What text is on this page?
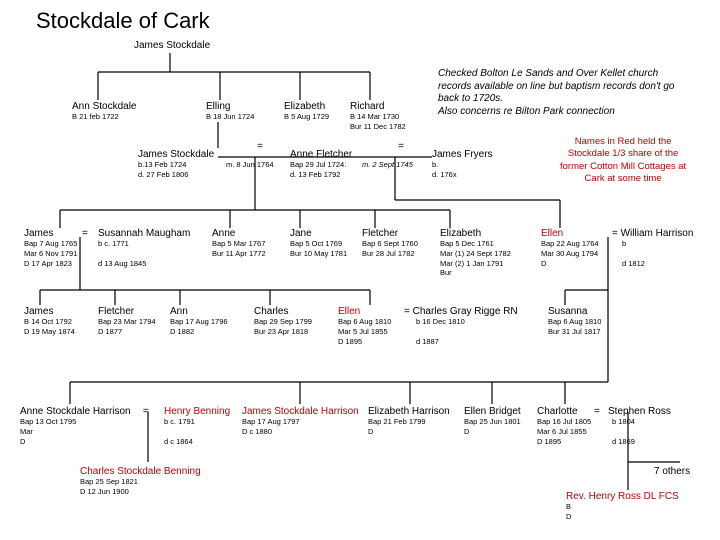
Stockdale of Cark
James Stockdale
Ann Stockdale
B 21 feb 1722
Elling
B 18 Jun 1724
Elizabeth
B 5 Aug 1729
Richard
B 14 Mar 1730
Bur 11 Dec 1782
Checked Bolton Le Sands and Over Kellet church
records available on line but baptism records don't go
back to 1720s.
Also concerns re Bilton Park connection
James Stockdale
b.13 Feb 1724
d. 27 Feb 1806
=
m. 8 Jun 1764
Anne Fletcher
Bap 29 Jul 1724.
d. 13 Feb 1792
=
m. 2 Sept 1745
James Fryers
b.
d. 176x
Names in Red held the
Stockdale 1/3 share of the
former Cotton Mill Cottages at
Cark at some time
James
Bap 7 Aug 1765
Mar 6 Nov 1791
D 17 Apr 1823
= Susannah Maugham
b c. 1771
d 13 Aug 1845
Anne
Bap 5 Mar 1767
Bur 11 Apr 1772
Jane
Bap 5 Oct 1769
Bur 10 May 1781
Fletcher
Bap 6 Sept 1760
Bur 28 Jul 1782
Elizabeth
Bap 5 Dec 1761
Mar (1) 24 Sept 1782
Mar (2) 1 Jan 1791
Bur
Ellen
Bap 22 Aug 1764
Mar 30 Aug 1794
D
= William Harrison
b
d 1812
James
B 14 Oct 1792
D 19 May 1874
Fletcher
Bap 23 Mar 1794
D 1877
Ann
Bap 17 Aug 1796
D 1882
Charles
Bap 29 Sep 1799
Bur 23 Apr 1818
Ellen
Bap 6 Aug 1810
Mar 5 Jul 1855
D 1895
= Charles Gray Rigge RN
b 16 Dec 1810
d 1887
Susanna
Bap 6 Aug 1810
Bur 31 Jul 1817
Anne Stockdale Harrison
Bap 13 Oct 1795
Mar
D
= Henry Benning
b c. 1791
d c 1864
James Stockdale Harrison
Bap 17 Aug 1797
D c 1880
Elizabeth Harrison
Bap 21 Feb 1799
D
Ellen Bridget
Bap 25 Jun 1801
D
Charlotte
Bap 16 Jul 1805
Mar 6 Jul 1855
D 1895
= Stephen Ross
b 1804
d 1869
Charles Stockdale Benning
Bap 25 Sep 1821
D 12 Jun 1900
7 others
Rev. Henry Ross DL FCS
B
D
